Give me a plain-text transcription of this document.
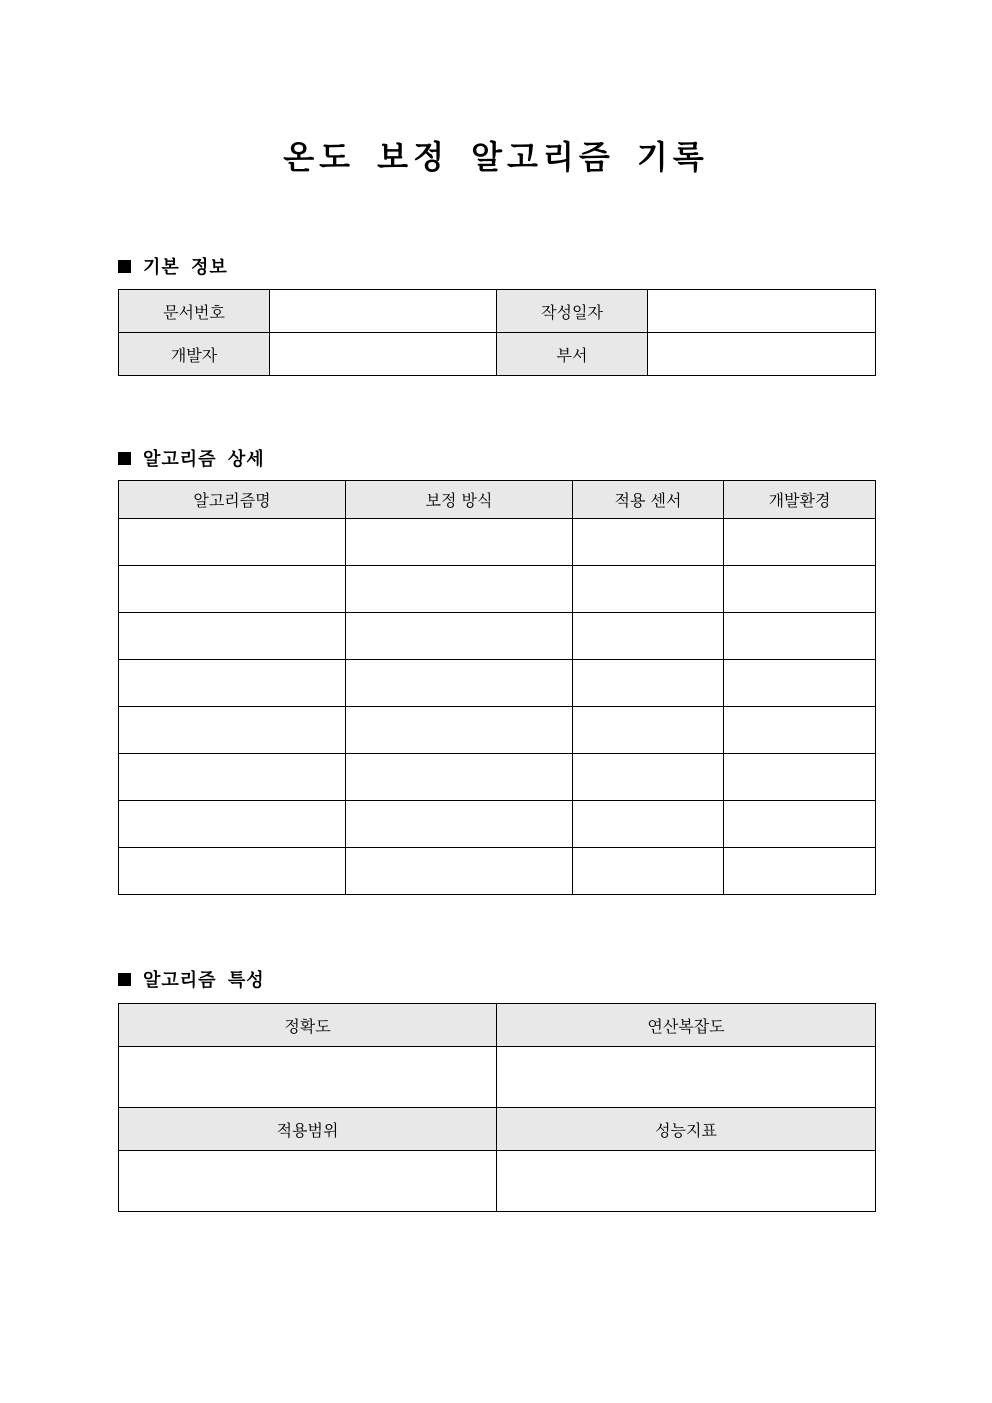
온도 보정 알고리즘 기록
기본 정보
문서번호		작성일자	
개발자		부서	
알고리즘 상세
알고리즘명	보정 방식	적용 센서	개발환경

알고리즘 특성
정확도	연산복잡도

적용범위	성능지표
